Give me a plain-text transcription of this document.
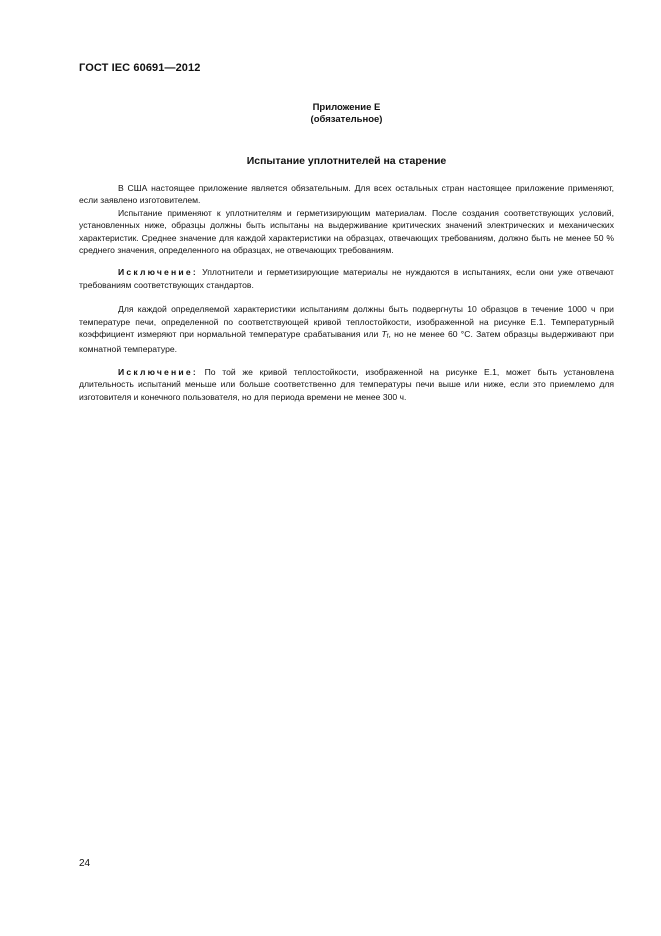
ГОСТ IEC 60691—2012
Приложение Е
(обязательное)
Испытание уплотнителей на старение

В США настоящее приложение является обязательным. Для всех остальных стран настоящее приложение применяют, если заявлено изготовителем.

Испытание применяют к уплотнителям и герметизирующим материалам. После создания соответствующих условий, установленных ниже, образцы должны быть испытаны на выдерживание критических значений электрических и механических характеристик. Среднее значение для каждой характеристики на образцах, отвечающих требованиям, должно быть не менее 50 % среднего значения, определенного на образцах, не отвечающих требованиям.

Исключение: Уплотнители и герметизирующие материалы не нуждаются в испытаниях, если они уже отвечают требованиям соответствующих стандартов.

Для каждой определяемой характеристики испытаниям должны быть подвергнуты 10 образцов в течение 1000 ч при температуре печи, определенной по соответствующей кривой теплостойкости, изображенной на рисунке Е.1. Температурный коэффициент измеряют при нормальной температуре срабатывания или Tf, но не менее 60 °С. Затем образцы выдерживают при комнатной температуре.

Исключение: По той же кривой теплостойкости, изображенной на рисунке Е.1, может быть установлена длительность испытаний меньше или больше соответственно для температуры печи выше или ниже, если это приемлемо для изготовителя и конечного пользователя, но для периода времени не менее 300 ч.

24
